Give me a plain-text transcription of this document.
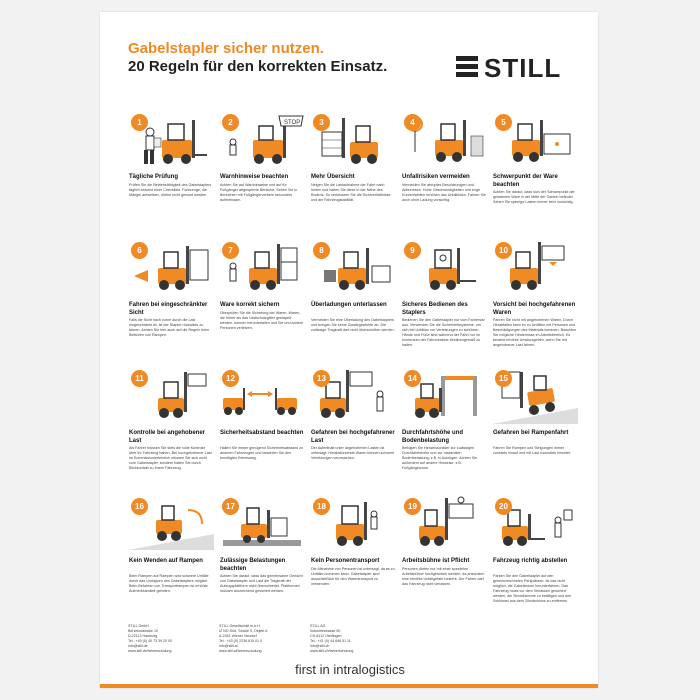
Gabelstapler sicher nutzen.
20 Regeln für den korrekten Einsatz.	STILL
1
Tägliche Prüfung
Prüfen Sie die Betriebsfähigkeit des Gabelstaplers täglich anhand einer Checkliste. Fahrzeuge, die Mängel aufweisen, dürfen nicht genutzt werden.
STOP
2
Warnhinweise beachten
Achten Sie auf Warnhinweise und auf für Fußgänger abgesperrte Bereiche. Sehen Sie in Bereichen mit Fußgängerverkehr besonders aufmerksam.
3
Mehr Übersicht
Neigen Sie die Lastaufnahme der Fahrt nach hinten und halten Sie diese in der Nähe des Bodens. So verbessern Sie die Sichtverhältnisse und die Fahrzeugstabilität.
4
Unfallrisiken vermeiden
Vermeiden Sie abruptes Beschleunigen und Abbremsen. Hohe Geschwindigkeiten und enge Kurvenfahrten erhöhen das Unfallrisiko. Fahren Sie auch ohne Ladung vorsichtig.
5
Schwerpunkt der Ware beachten
Achten Sie darauf, dass sich der Schwerpunkt der geladenen Ware in der Mitte der Gabeln befindet. Sehen Sie sperrige Lasten immer sehr vorsichtig.
6
Fahren bei eingeschränkter Sicht
Falls die Sicht nach vorne durch die Last eingeschränkt ist, ist der Stapler rückwärts zu fahren. Achten Sie hier auch auf die Regeln beim Befahren von Rampen.
7
Ware korrekt sichern
Überprüfen Sie die Sicherung der Waren. Waren, die höher als das Lastschutzgitter gestapelt werden, können herunterfallen und Sie und andere Personen verletzen.
8
Überladungen unterlassen
Vermeiden Sie eine Überladung des Gabelstaplers und bringen Sie keine Zusatzgewichte an. Die zulässige Tragkraft darf nicht überschritten werden.
9
Sicheres Bedienen des Staplers
Bedienen Sie den Gabelstapler nur vom Fahrersitz aus. Verwenden Sie die Sicherheitssysteme, um sich bei Unfällen vor Verletzungen zu schützen. Hände und Füße sind während der Fahrt nur im Innenraum der Fahrerkabine bestimmgemäß zu halten.
10
Vorsicht bei hochgefahrenen Waren
Fahren Sie nicht mit angehobenen Waren. Durch Herabfallen kann es zu Unfällen mit Personen und Beschädigungen des Materials kommen. Beachten Sie mögliche Hindernisse im Arbeitsbereich. Es besteht erhöhte Umsturzgefahr, wenn Sie mit angehobener Last fahren.
11
Kontrolle bei angehobener Last
Als Fahrer müssen Sie stets die volle Kontrolle über Ihr Fahrzeug haben. Bei hochgehobener Last im Kommissionierbereich müssen Sie sich nicht vom Gabelstapler, sondern halten Sie durch Blickkontakt zu Ihrem Fahrzeug.
12
Sicherheitsabstand beachten
Halten Sie immer genügend Sicherheitsabstand zu anderen Fahrzeugen und beachten Sie den benötigten Bremsweg.
13
Gefahren bei hochgefahrener Last
Der Aufenthalt unter angehobenen Lasten ist untersagt. Herabstürzende Waren können schwere Verletzungen verursachen.
14
Durchfahrtshöhe und Bodenbelastung
Befolgen Sie Hinweisschilder zur zulässigen Durchfahrtshöhe und zur maximalen Bodenbelastung, z.B. in Aufzügen. Achten Sie außerdem auf andere Hinweise, z.B. Fußgängerzone.
15
Gefahren bei Rampenfahrt
Fahren Sie Rampen und Steigungen immer vorwärts hinauf und mit Last rückwärts hinunter.
16
Kein Wenden auf Rampen
Beim Rampen auf Rampen wird schwere Unfälle durch das Umkippen des Gabelstaplers möglich. Beim Befahren von Transportrampen ist erhöhte Aufmerksamkeit geboten.
17
Zulässige Belastungen beachten
Achten Sie darauf, dass das gemeinsame Gewicht von Gabelstapler und Last die Tragkraft der Aufzugsplattform nicht überschreitet. Plattformen müssen ausreichend gesichert werden.
18
Kein Personentransport
Die Mitnahme von Personen ist untersagt, da es zu Unfällen kommen kann. Gabelstapler sind ausschließlich für den Warentransport zu verwenden.
19
Arbeitsbühne ist Pflicht
Personen dürfen nur mit einer speziellen Arbeitsbühne hochgehoben werden, da ansonsten eine erhöhte Unfallgefahr besteht. Der Fahrer darf das Fahrzeug nicht verlassen.
20
Fahrzeug richtig abstellen
Parken Sie den Gabelstapler auf den gekennzeichneten Parkplätzen. Ist das nicht möglich, die Gabelzinken herunterfahren. Das Fahrzeug muss vor dem Verlassen gesichert werden, die Stromklemme zu betätigen und den Schlüssel aus dem Zündschloss zu entfernen.
STILL GmbH
Berzeliusstraße 10
D-22113 Hamburg
Tel.: +49 (0) 40 73 39 20 00
info@still.de
www.still.de/fahrerschulung
STILL Gesellschaft m.b.H.
IZ NÖ-Süd, Straße 5, Objekt 6
A-2351 Wiener Neudorf
Tel.: +43 (0) 2236 615 01 0
info@still.at
www.still.at/fahrerschulung
STILL AG
Industriestrasse 50
CH-8112 Otelfingen
Tel.: +41 (0) 44 846 51 11
info@still.ch
www.still.ch/fahrerschulung
first in intralogistics
